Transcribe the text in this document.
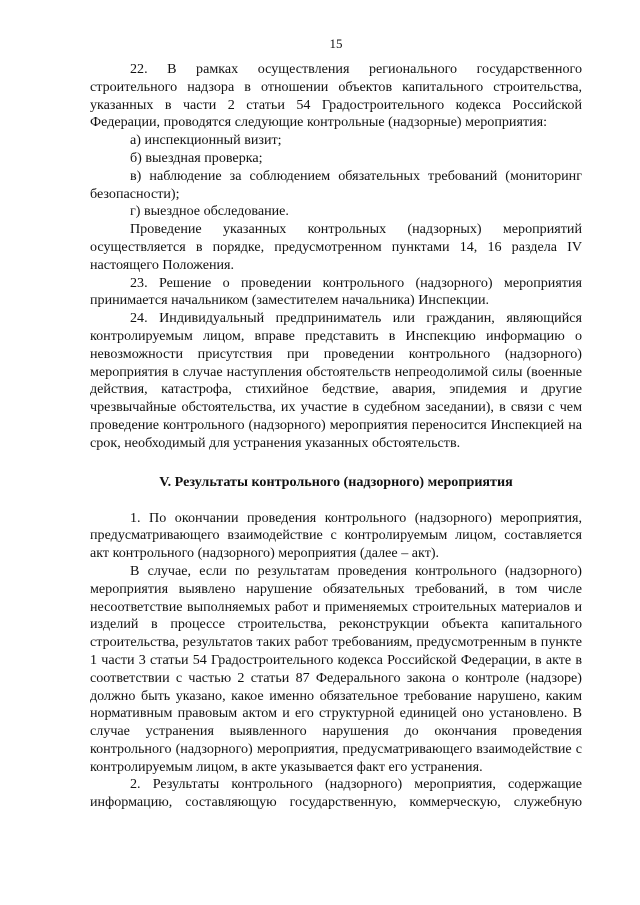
15

22. В рамках осуществления регионального государственного строительного надзора в отношении объектов капитального строительства, указанных в части 2 статьи 54 Градостроительного кодекса Российской Федерации, проводятся следующие контрольные (надзорные) мероприятия:

а) инспекционный визит;

б) выездная проверка;

в) наблюдение за соблюдением обязательных требований (мониторинг безопасности);

г) выездное обследование.

Проведение указанных контрольных (надзорных) мероприятий осуществляется в порядке, предусмотренном пунктами 14, 16 раздела IV настоящего Положения.

23. Решение о проведении контрольного (надзорного) мероприятия принимается начальником (заместителем начальника) Инспекции.

24. Индивидуальный предприниматель или гражданин, являющийся контролируемым лицом, вправе представить в Инспекцию информацию о невозможности присутствия при проведении контрольного (надзорного) мероприятия в случае наступления обстоятельств непреодолимой силы (военные действия, катастрофа, стихийное бедствие, авария, эпидемия и другие чрезвычайные обстоятельства, их участие в судебном заседании), в связи с чем проведение контрольного (надзорного) мероприятия переносится Инспекцией на срок, необходимый для устранения указанных обстоятельств.

V. Результаты контрольного (надзорного) мероприятия

1. По окончании проведения контрольного (надзорного) мероприятия, предусматривающего взаимодействие с контролируемым лицом, составляется акт контрольного (надзорного) мероприятия (далее – акт).

В случае, если по результатам проведения контрольного (надзорного) мероприятия выявлено нарушение обязательных требований, в том числе несоответствие выполняемых работ и применяемых строительных материалов и изделий в процессе строительства, реконструкции объекта капитального строительства, результатов таких работ требованиям, предусмотренным в пункте 1 части 3 статьи 54 Градостроительного кодекса Российской Федерации, в акте в соответствии с частью 2 статьи 87 Федерального закона о контроле (надзоре) должно быть указано, какое именно обязательное требование нарушено, каким нормативным правовым актом и его структурной единицей оно установлено. В случае устранения выявленного нарушения до окончания проведения контрольного (надзорного) мероприятия, предусматривающего взаимодействие с контролируемым лицом, в акте указывается факт его устранения.

2. Результаты контрольного (надзорного) мероприятия, содержащие информацию, составляющую государственную, коммерческую, служебную
